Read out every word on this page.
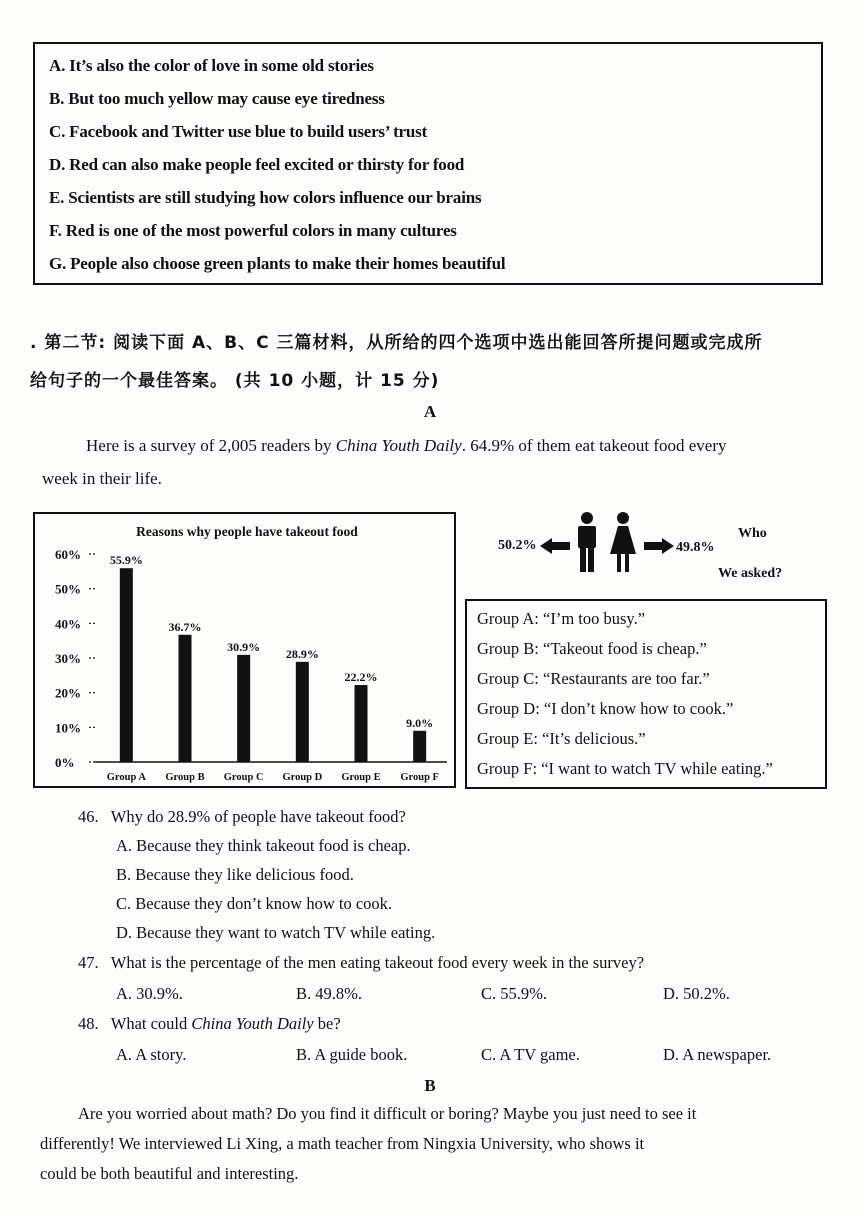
A. It’s also the color of love in some old stories
B. But too much yellow may cause eye tiredness
C. Facebook and Twitter use blue to build users’ trust
D. Red can also make people feel excited or thirsty for food
E. Scientists are still studying how colors influence our brains
F. Red is one of the most powerful colors in many cultures
G. People also choose green plants to make their homes beautiful
. 第二节: 阅读下面 A、B、C 三篇材料，从所给的四个选项中选出能回答所提问题或完成所
给句子的一个最佳答案。 (共 10 小题，计 15 分)
A
Here is a survey of 2,005 readers by China Youth Daily. 64.9% of them eat takeout food every
week in their life.
Reasons why people have takeout food
60%
50%
40%
30%
20%
10%
0%
55.9%
Group A
36.7%
Group B
30.9%
Group C
28.9%
Group D
22.2%
Group E
9.0%
Group F
50.2%	49.8%
Who
We asked?
Group A: “I’m too busy.”
Group B: “Takeout food is cheap.”
Group C: “Restaurants are too far.”
Group D: “I don’t know how to cook.”
Group E: “It’s delicious.”
Group F: “I want to watch TV while eating.”
46. Why do 28.9% of people have takeout food?
A. Because they think takeout food is cheap.
B. Because they like delicious food.
C. Because they don’t know how to cook.
D. Because they want to watch TV while eating.
47. What is the percentage of the men eating takeout food every week in the survey?
A. 30.9%.	B. 49.8%.	C. 55.9%.	D. 50.2%.
48. What could China Youth Daily be?
A. A story.	B. A guide book.	C. A TV game.	D. A newspaper.
B
Are you worried about math? Do you find it difficult or boring? Maybe you just need to see it
differently! We interviewed Li Xing, a math teacher from Ningxia University, who shows it
could be both beautiful and interesting.
